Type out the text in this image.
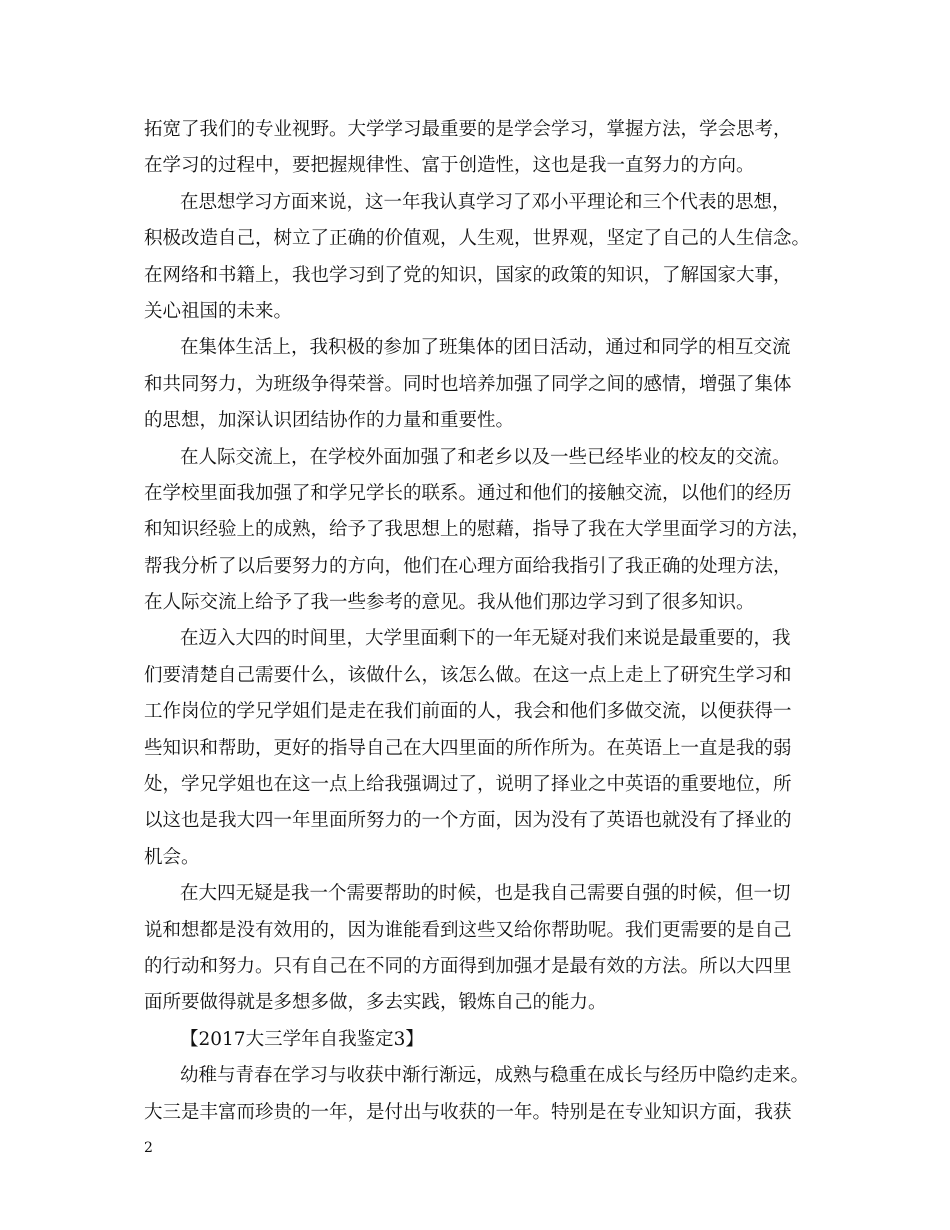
拓宽了我们的专业视野。大学学习最重要的是学会学习，掌握方法，学会思考，
在学习的过程中，要把握规律性、富于创造性，这也是我一直努力的方向。
在思想学习方面来说，这一年我认真学习了邓小平理论和三个代表的思想，
积极改造自己，树立了正确的价值观，人生观，世界观，坚定了自己的人生信念。
在网络和书籍上，我也学习到了党的知识，国家的政策的知识，了解国家大事，
关心祖国的未来。
在集体生活上，我积极的参加了班集体的团日活动，通过和同学的相互交流
和共同努力，为班级争得荣誉。同时也培养加强了同学之间的感情，增强了集体
的思想，加深认识团结协作的力量和重要性。
在人际交流上，在学校外面加强了和老乡以及一些已经毕业的校友的交流。
在学校里面我加强了和学兄学长的联系。通过和他们的接触交流，以他们的经历
和知识经验上的成熟，给予了我思想上的慰藉，指导了我在大学里面学习的方法，
帮我分析了以后要努力的方向，他们在心理方面给我指引了我正确的处理方法，
在人际交流上给予了我一些参考的意见。我从他们那边学习到了很多知识。
在迈入大四的时间里，大学里面剩下的一年无疑对我们来说是最重要的，我
们要清楚自己需要什么，该做什么，该怎么做。在这一点上走上了研究生学习和
工作岗位的学兄学姐们是走在我们前面的人，我会和他们多做交流，以便获得一
些知识和帮助，更好的指导自己在大四里面的所作所为。在英语上一直是我的弱
处，学兄学姐也在这一点上给我强调过了，说明了择业之中英语的重要地位，所
以这也是我大四一年里面所努力的一个方面，因为没有了英语也就没有了择业的
机会。
在大四无疑是我一个需要帮助的时候，也是我自己需要自强的时候，但一切
说和想都是没有效用的，因为谁能看到这些又给你帮助呢。我们更需要的是自己
的行动和努力。只有自己在不同的方面得到加强才是最有效的方法。所以大四里
面所要做得就是多想多做，多去实践，锻炼自己的能力。
【2017大三学年自我鉴定3】
幼稚与青春在学习与收获中渐行渐远，成熟与稳重在成长与经历中隐约走来。
大三是丰富而珍贵的一年，是付出与收获的一年。特别是在专业知识方面，我获
2
